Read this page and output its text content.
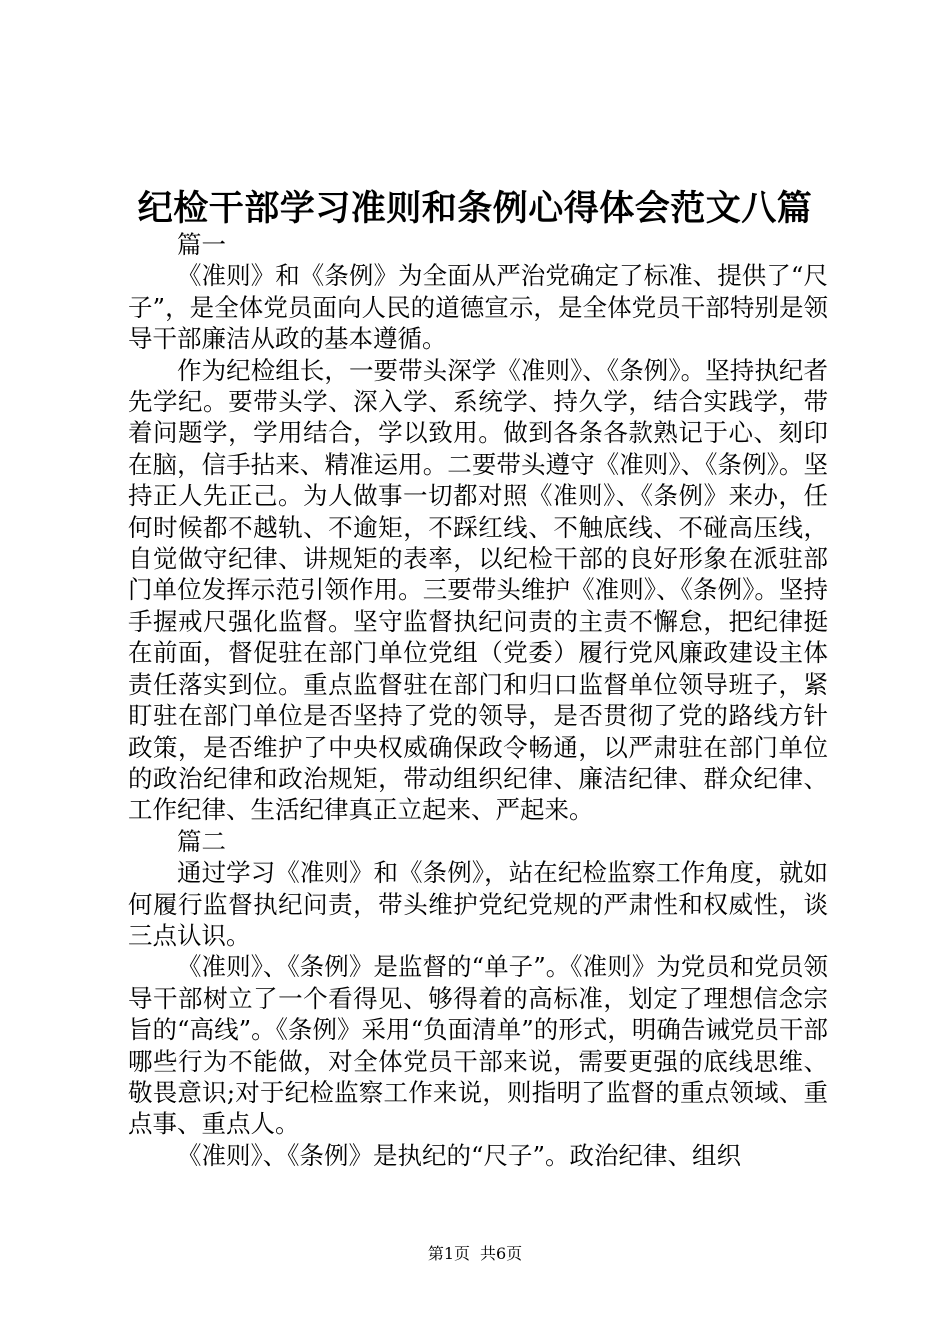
纪检干部学习准则和条例心得体会范文八篇

篇一

《准则》和《条例》为全面从严治党确定了标准、提供了“尺子”，是全体党员面向人民的道德宣示，是全体党员干部特别是领导干部廉洁从政的基本遵循。

作为纪检组长，一要带头深学《准则》、《条例》。坚持执纪者先学纪。要带头学、深入学、系统学、持久学，结合实践学，带着问题学，学用结合，学以致用。做到各条各款熟记于心、刻印在脑，信手拈来、精准运用。二要带头遵守《准则》、《条例》。坚持正人先正己。为人做事一切都对照《准则》、《条例》来办，任何时候都不越轨、不逾矩，不踩红线、不触底线、不碰高压线，自觉做守纪律、讲规矩的表率，以纪检干部的良好形象在派驻部门单位发挥示范引领作用。三要带头维护《准则》、《条例》。坚持手握戒尺强化监督。坚守监督执纪问责的主责不懈怠，把纪律挺在前面，督促驻在部门单位党组（党委）履行党风廉政建设主体责任落实到位。重点监督驻在部门和归口监督单位领导班子，紧盯驻在部门单位是否坚持了党的领导，是否贯彻了党的路线方针政策，是否维护了中央权威确保政令畅通，以严肃驻在部门单位的政治纪律和政治规矩，带动组织纪律、廉洁纪律、群众纪律、工作纪律、生活纪律真正立起来、严起来。

篇二

通过学习《准则》和《条例》，站在纪检监察工作角度，就如何履行监督执纪问责，带头维护党纪党规的严肃性和权威性，谈三点认识。

《准则》、《条例》是监督的“单子”。《准则》为党员和党员领导干部树立了一个看得见、够得着的高标准，划定了理想信念宗旨的“高线”。《条例》采用“负面清单”的形式，明确告诫党员干部哪些行为不能做，对全体党员干部来说，需要更强的底线思维、敬畏意识;对于纪检监察工作来说，则指明了监督的重点领域、重点事、重点人。

《准则》、《条例》是执纪的“尺子”。政治纪律、组织

第1页 共6页
